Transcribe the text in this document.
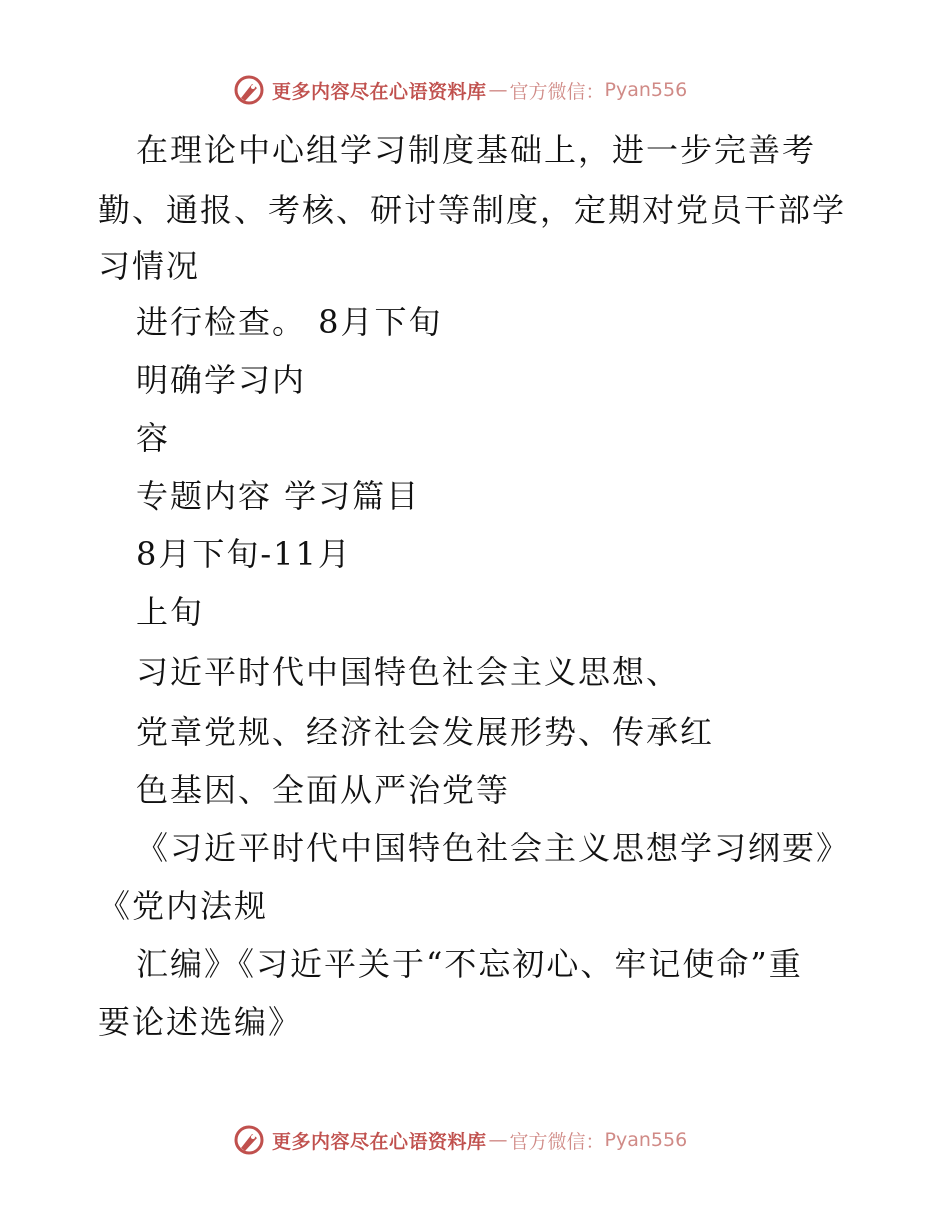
更多内容尽在心语资料库 — 官方微信： Pyan556
在理论中心组学习制度基础上，进一步完善考
勤、通报、考核、研讨等制度，定期对党员干部学
习情况
进行检查。 8月下旬
明确学习内
容
专题内容 学习篇目
8月下旬-11月
上旬
习近平时代中国特色社会主义思想、
党章党规、经济社会发展形势、传承红
色基因、全面从严治党等
《习近平时代中国特色社会主义思想学习纲要》
《党内法规
汇编》《习近平关于“不忘初心、牢记使命”重
要论述选编》
更多内容尽在心语资料库 — 官方微信： Pyan556
